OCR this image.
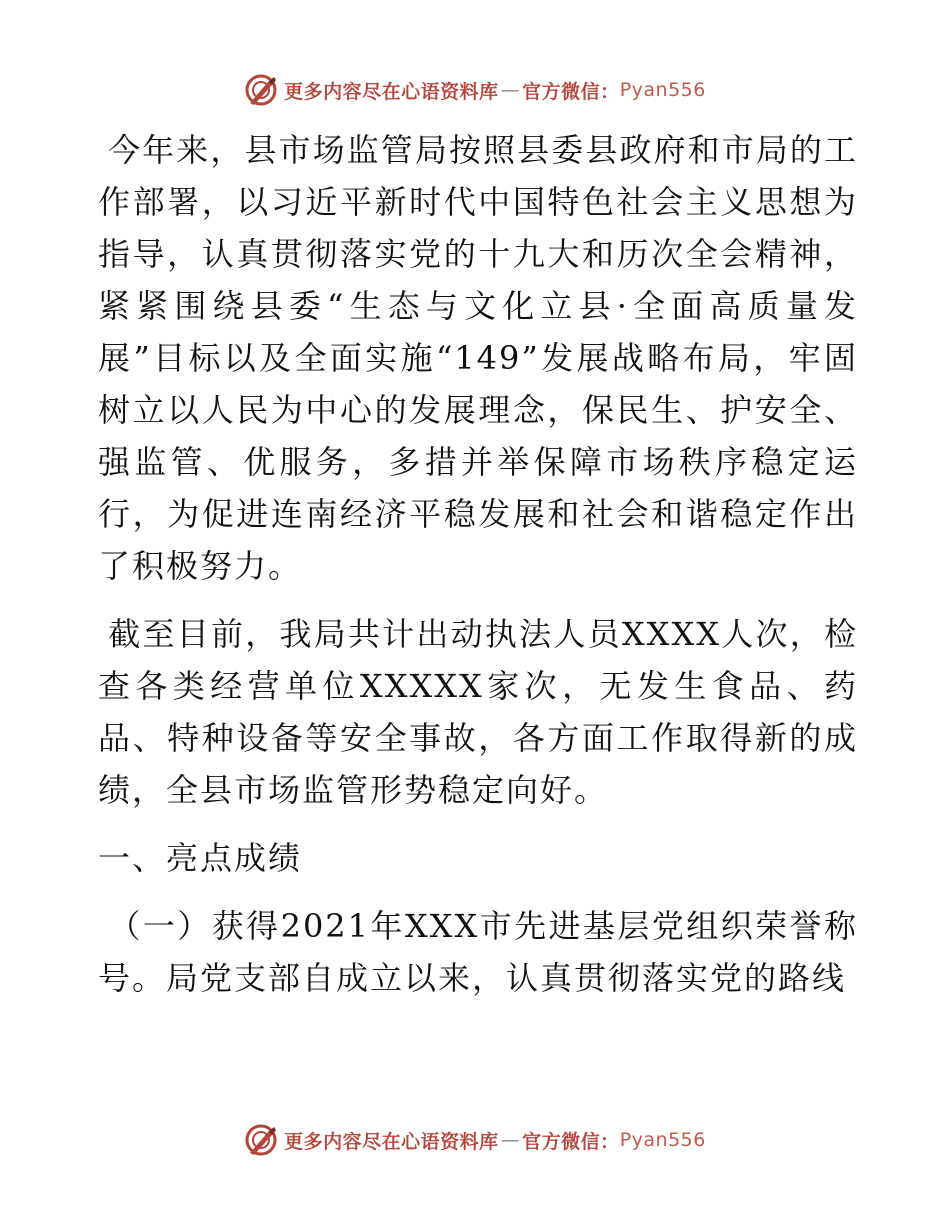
更多内容尽在心语资料库 — 官方微信： Pyan556

今年来，县市场监管局按照县委县政府和市局的工作部署，以习近平新时代中国特色社会主义思想为指导，认真贯彻落实党的十九大和历次全会精神，紧紧围绕县委“生态与文化立县·全面高质量发展”目标以及全面实施“149”发展战略布局，牢固树立以人民为中心的发展理念，保民生、护安全、强监管、优服务，多措并举保障市场秩序稳定运行，为促进连南经济平稳发展和社会和谐稳定作出了积极努力。

截至目前，我局共计出动执法人员XXXX人次，检查各类经营单位XXXXX家次，无发生食品、药品、特种设备等安全事故，各方面工作取得新的成绩，全县市场监管形势稳定向好。

一、亮点成绩

（一）获得2021年XXX市先进基层党组织荣誉称号。局党支部自成立以来，认真贯彻落实党的路线

更多内容尽在心语资料库 — 官方微信： Pyan556
